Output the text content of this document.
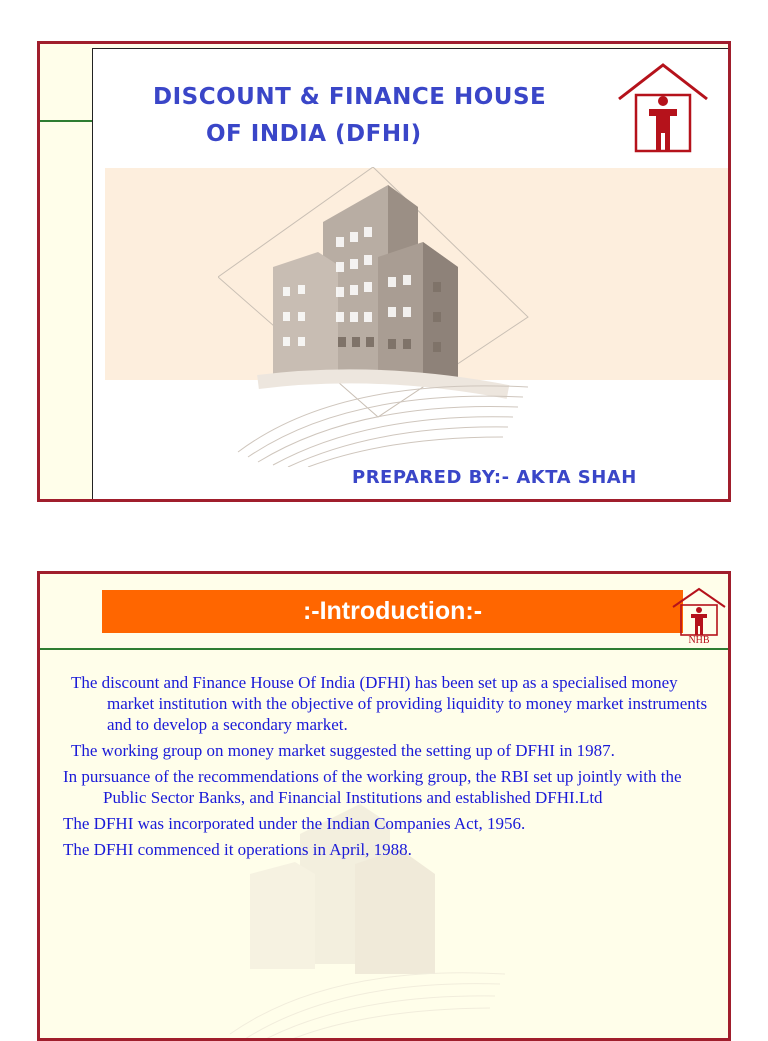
DISCOUNT & FINANCE HOUSE
OF INDIA (DFHI)

PREPARED BY:- AKTA SHAH

:-Introduction:-
NHB
The discount and Finance House Of India (DFHI) has been set up as a specialised money market institution with the objective of providing liquidity to money market instruments and to develop a secondary market.
The working group on money market suggested the setting up of DFHI in 1987.
In pursuance of the recommendations of the working group, the RBI set up jointly with the Public Sector Banks, and Financial Institutions and established DFHI.Ltd
The DFHI was incorporated under the Indian Companies Act, 1956.
The DFHI commenced it operations in April, 1988.
